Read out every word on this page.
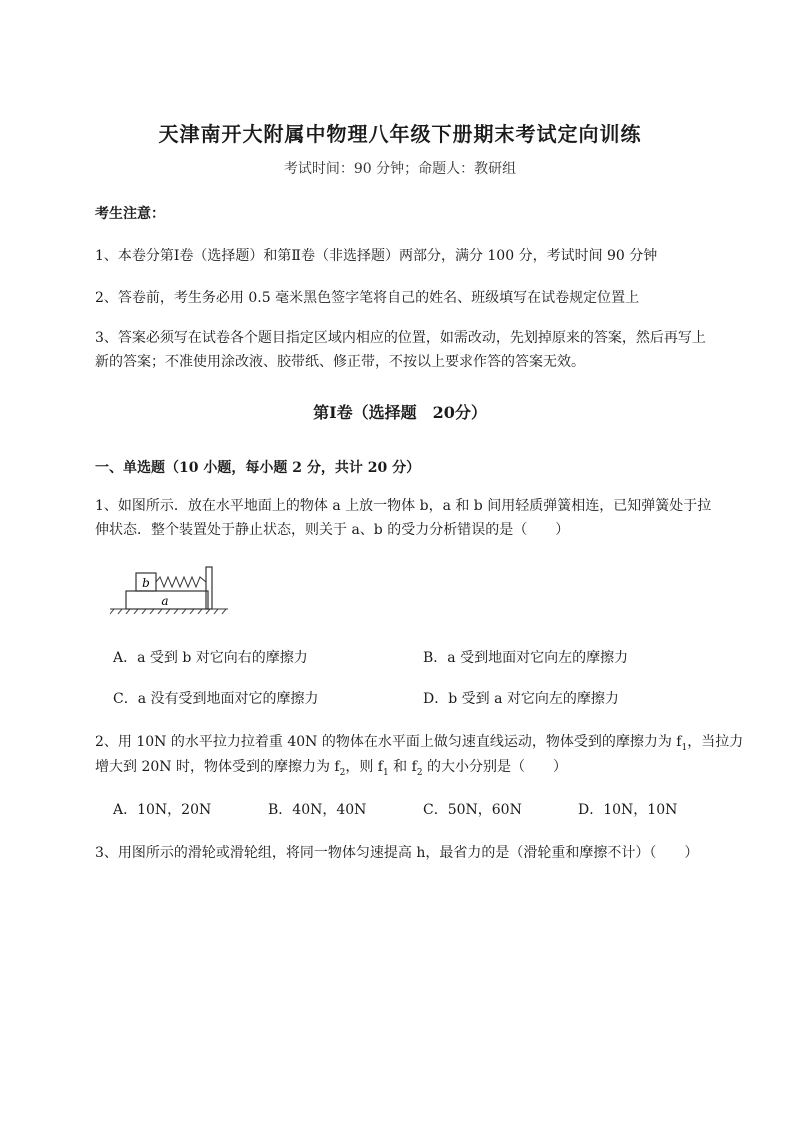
天津南开大附属中物理八年级下册期末考试定向训练
考试时间：90 分钟；命题人：教研组
考生注意：
1、本卷分第Ⅰ卷（选择题）和第Ⅱ卷（非选择题）两部分，满分 100 分，考试时间 90 分钟
2、答卷前，考生务必用 0.5 毫米黑色签字笔将自己的姓名、班级填写在试卷规定位置上
3、答案必须写在试卷各个题目指定区域内相应的位置，如需改动，先划掉原来的答案，然后再写上新的答案；不准使用涂改液、胶带纸、修正带，不按以上要求作答的答案无效。
第Ⅰ卷（选择题　20分）
一、单选题（10 小题，每小题 2 分，共计 20 分）
1、如图所示．放在水平地面上的物体 a 上放一物体 b，a 和 b 间用轻质弹簧相连，已知弹簧处于拉伸状态．整个装置处于静止状态，则关于 a、b 的受力分析错误的是（　　）
b
a
A．a 受到 b 对它向右的摩擦力	B．a 受到地面对它向左的摩擦力
C．a 没有受到地面对它的摩擦力	D．b 受到 a 对它向左的摩擦力
2、用 10N 的水平拉力拉着重 40N 的物体在水平面上做匀速直线运动，物体受到的摩擦力为 $f_1$，当拉力
增大到 20N 时，物体受到的摩擦力为 $f_2$，则 $f_1$ 和 $f_2$ 的大小分别是（　　）
A．10N，20N	B．40N，40N	C．50N，60N	D．10N，10N
3、用图所示的滑轮或滑轮组，将同一物体匀速提高 h，最省力的是（滑轮重和摩擦不计）（　　）
